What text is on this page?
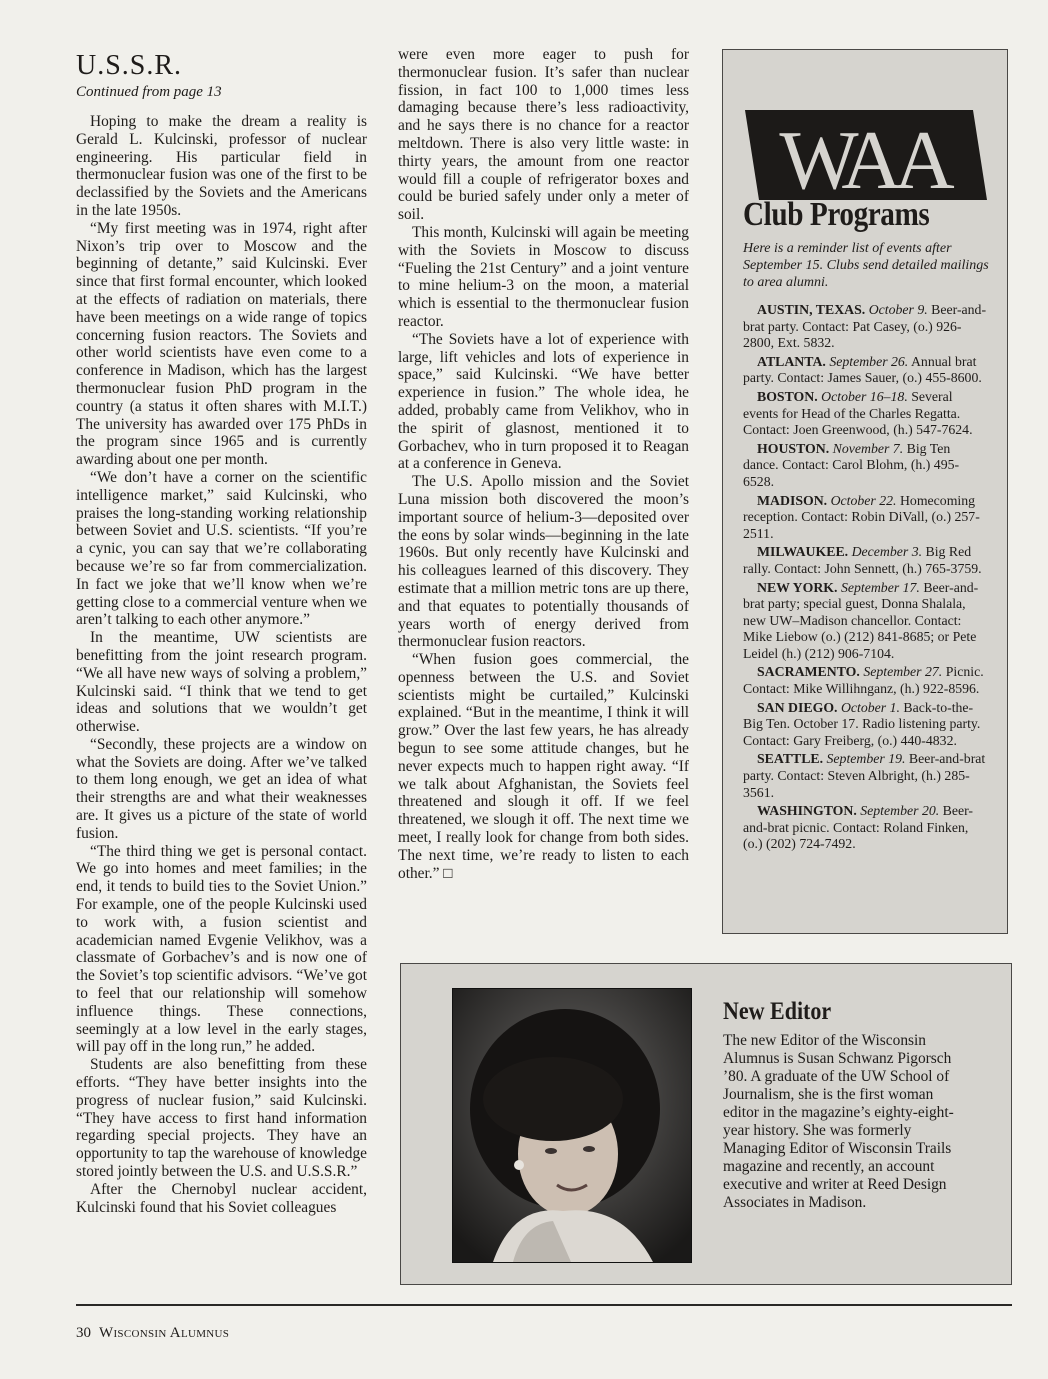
U.S.S.R.
Continued from page 13

Hoping to make the dream a reality is Gerald L. Kulcinski, professor of nuclear engineering. His particular field in thermonuclear fusion was one of the first to be declassified by the Soviets and the Americans in the late 1950s.

“My first meeting was in 1974, right after Nixon’s trip over to Moscow and the beginning of detante,” said Kulcinski. Ever since that first formal encounter, which looked at the effects of radiation on materials, there have been meetings on a wide range of topics concerning fusion reactors. The Soviets and other world scientists have even come to a conference in Madison, which has the largest thermonuclear fusion PhD program in the country (a status it often shares with M.I.T.) The university has awarded over 175 PhDs in the program since 1965 and is currently awarding about one per month.

“We don’t have a corner on the scientific intelligence market,” said Kulcinski, who praises the long-standing working relationship between Soviet and U.S. scientists. “If you’re a cynic, you can say that we’re collaborating because we’re so far from commercialization. In fact we joke that we’ll know when we’re getting close to a commercial venture when we aren’t talking to each other anymore.”

In the meantime, UW scientists are benefitting from the joint research program. “We all have new ways of solving a problem,” Kulcinski said. “I think that we tend to get ideas and solutions that we wouldn’t get otherwise.

“Secondly, these projects are a window on what the Soviets are doing. After we’ve talked to them long enough, we get an idea of what their strengths are and what their weaknesses are. It gives us a picture of the state of world fusion.

“The third thing we get is personal contact. We go into homes and meet families; in the end, it tends to build ties to the Soviet Union.” For example, one of the people Kulcinski used to work with, a fusion scientist and academician named Evgenie Velikhov, was a classmate of Gorbachev’s and is now one of the Soviet’s top scientific advisors. “We’ve got to feel that our relationship will somehow influence things. These connections, seemingly at a low level in the early stages, will pay off in the long run,” he added.

Students are also benefitting from these efforts. “They have better insights into the progress of nuclear fusion,” said Kulcinski. “They have access to first hand information regarding special projects. They have an opportunity to tap the warehouse of knowledge stored jointly between the U.S. and U.S.S.R.”

After the Chernobyl nuclear accident, Kulcinski found that his Soviet colleagues

were even more eager to push for thermonuclear fusion. It’s safer than nuclear fission, in fact 100 to 1,000 times less damaging because there’s less radioactivity, and he says there is no chance for a reactor meltdown. There is also very little waste: in thirty years, the amount from one reactor would fill a couple of refrigerator boxes and could be buried safely under only a meter of soil.

This month, Kulcinski will again be meeting with the Soviets in Moscow to discuss “Fueling the 21st Century” and a joint venture to mine helium-3 on the moon, a material which is essential to the thermonuclear fusion reactor.

“The Soviets have a lot of experience with large, lift vehicles and lots of experience in space,” said Kulcinski. “We have better experience in fusion.” The whole idea, he added, probably came from Velikhov, who in the spirit of glasnost, mentioned it to Gorbachev, who in turn proposed it to Reagan at a conference in Geneva.

The U.S. Apollo mission and the Soviet Luna mission both discovered the moon’s important source of helium-3—deposited over the eons by solar winds—beginning in the late 1960s. But only recently have Kulcinski and his colleagues learned of this discovery. They estimate that a million metric tons are up there, and that equates to potentially thousands of years worth of energy derived from thermonuclear fusion reactors.

“When fusion goes commercial, the openness between the U.S. and Soviet scientists might be curtailed,” Kulcinski explained. “But in the meantime, I think it will grow.” Over the last few years, he has already begun to see some attitude changes, but he never expects much to happen right away. “If we talk about Afghanistan, the Soviets feel threatened and slough it off. If we feel threatened, we slough it off. The next time we meet, I really look for change from both sides. The next time, we’re ready to listen to each other.” □

WAA
Club Programs

Here is a reminder list of events after September 15. Clubs send detailed mailings to area alumni.

AUSTIN, TEXAS. October 9. Beer-and-brat party. Contact: Pat Casey, (o.) 926-2800, Ext. 5832.

ATLANTA. September 26. Annual brat party. Contact: James Sauer, (o.) 455-8600.

BOSTON. October 16–18. Several events for Head of the Charles Regatta. Contact: Joen Greenwood, (h.) 547-7624.

HOUSTON. November 7. Big Ten dance. Contact: Carol Blohm, (h.) 495-6528.

MADISON. October 22. Homecoming reception. Contact: Robin DiVall, (o.) 257-2511.

MILWAUKEE. December 3. Big Red rally. Contact: John Sennett, (h.) 765-3759.

NEW YORK. September 17. Beer-and-brat party; special guest, Donna Shalala, new UW–Madison chancellor. Contact: Mike Liebow (o.) (212) 841-8685; or Pete Leidel (h.) (212) 906-7104.

SACRAMENTO. September 27. Picnic. Contact: Mike Willihnganz, (h.) 922-8596.

SAN DIEGO. October 1. Back-to-the-Big Ten. October 17. Radio listening party. Contact: Gary Freiberg, (o.) 440-4832.

SEATTLE. September 19. Beer-and-brat party. Contact: Steven Albright, (h.) 285-3561.

WASHINGTON. September 20. Beer-and-brat picnic. Contact: Roland Finken, (o.) (202) 724-7492.

New Editor

The new Editor of the Wisconsin Alumnus is Susan Schwanz Pigorsch ’80. A graduate of the UW School of Journalism, she is the first woman editor in the magazine’s eighty-eight-year history. She was formerly Managing Editor of Wisconsin Trails magazine and recently, an account executive and writer at Reed Design Associates in Madison.

30 Wisconsin Alumnus
